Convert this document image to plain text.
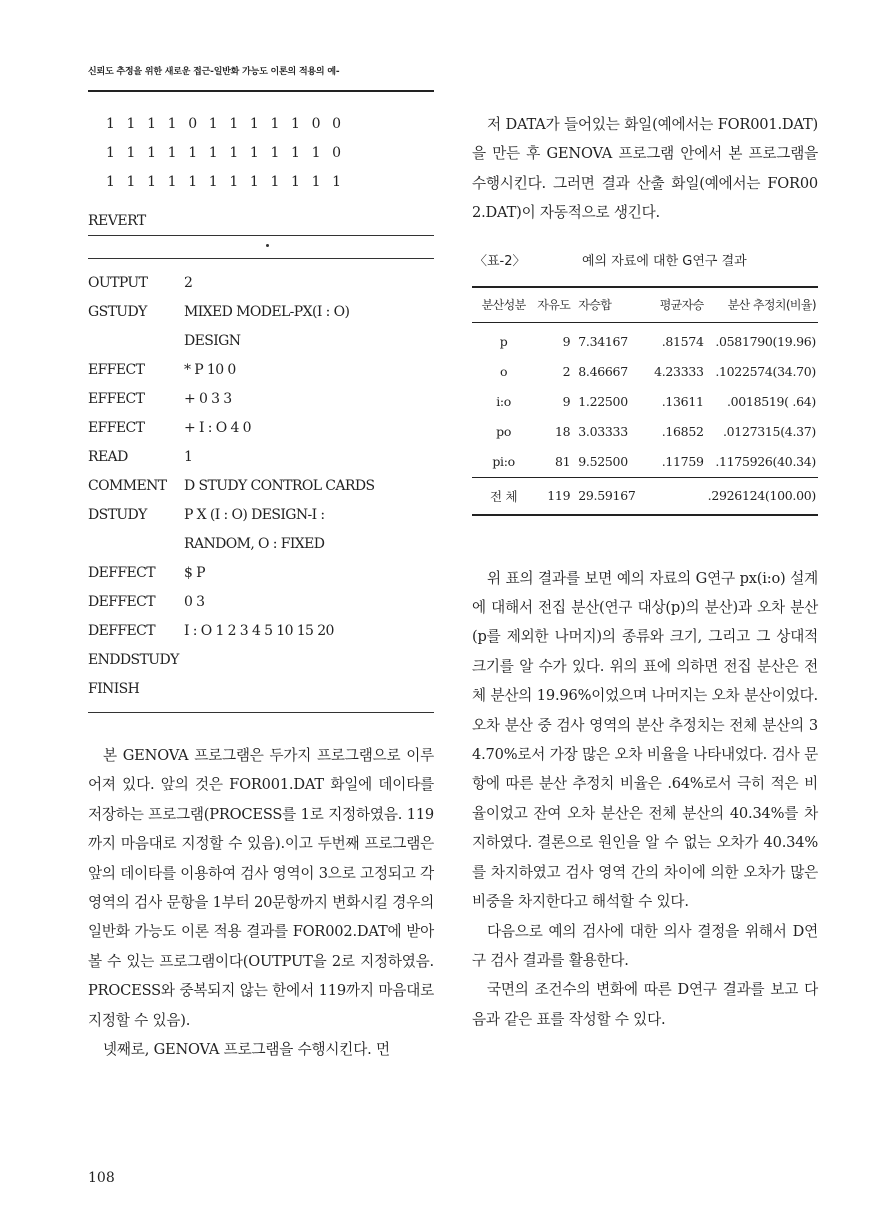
신뢰도 추정을 위한 새로운 접근-일반화 가능도 이론의 적용의 예-
1 1 1 1 0 1 1 1 1 1 0 0
1 1 1 1 1 1 1 1 1 1 1 0
1 1 1 1 1 1 1 1 1 1 1 1
REVERT
OUTPUT	2
GSTUDY	MIXED MODEL-PX(I : O)
	DESIGN
EFFECT	* P 10 0
EFFECT	+ 0 3 3
EFFECT	+ I : O 4 0
READ	1
COMMENT	D STUDY CONTROL CARDS
DSTUDY	P X (I : O) DESIGN-I :
	RANDOM, O : FIXED
DEFFECT	$ P
DEFFECT	0 3
DEFFECT	I : O 1 2 3 4 5 10 15 20
ENDDSTUDY	
FINISH	

본 GENOVA 프로그램은 두가지 프로그램으로 이루어져 있다. 앞의 것은 FOR001.DAT 화일에 데이타를 저장하는 프로그램(PROCESS를 1로 지정하였음. 119까지 마음대로 지정할 수 있음).이고 두번째 프로그램은 앞의 데이타를 이용하여 검사 영역이 3으로 고정되고 각 영역의 검사 문항을 1부터 20문항까지 변화시킬 경우의 일반화 가능도 이론 적용 결과를 FOR002.DAT에 받아볼 수 있는 프로그램이다(OUTPUT을 2로 지정하였음. PROCESS와 중복되지 않는 한에서 119까지 마음대로 지정할 수 있음).

넷째로, GENOVA 프로그램을 수행시킨다. 먼

저 DATA가 들어있는 화일(예에서는 FOR001.DAT)을 만든 후 GENOVA 프로그램 안에서 본 프로그램을 수행시킨다. 그러면 결과 산출 화일(예에서는 FOR002.DAT)이 자동적으로 생긴다.

〈표-2〉	예의 자료에 대한 G연구 결과
분산성분	자유도	자승합	평균자승	분산 추정치(비율)
p	9	7.34167	.81574	.0581790(19.96)
o	2	8.46667	4.23333	.1022574(34.70)
i:o	9	1.22500	.13611	.0018519( .64)
po	18	3.03333	.16852	.0127315(4.37)
pi:o	81	9.52500	.11759	.1175926(40.34)
전 체	119	29.59167		.2926124(100.00)

위 표의 결과를 보면 예의 자료의 G연구 px(i:o) 설계에 대해서 전집 분산(연구 대상(p)의 분산)과 오차 분산(p를 제외한 나머지)의 종류와 크기, 그리고 그 상대적 크기를 알 수가 있다. 위의 표에 의하면 전집 분산은 전체 분산의 19.96%이었으며 나머지는 오차 분산이었다. 오차 분산 중 검사 영역의 분산 추정치는 전체 분산의 34.70%로서 가장 많은 오차 비율을 나타내었다. 검사 문항에 따른 분산 추정치 비율은 .64%로서 극히 적은 비율이었고 잔여 오차 분산은 전체 분산의 40.34%를 차지하였다. 결론으로 원인을 알 수 없는 오차가 40.34%를 차지하였고 검사 영역 간의 차이에 의한 오차가 많은 비중을 차지한다고 해석할 수 있다.

다음으로 예의 검사에 대한 의사 결정을 위해서 D연구 검사 결과를 활용한다.

국면의 조건수의 변화에 따른 D연구 결과를 보고 다음과 같은 표를 작성할 수 있다.

108
